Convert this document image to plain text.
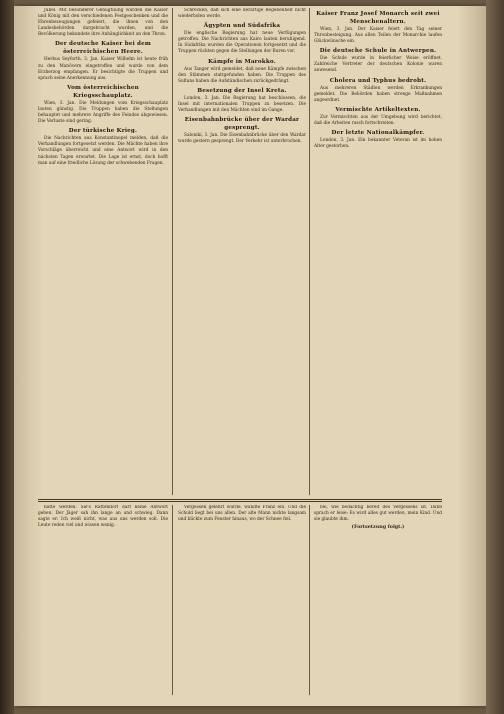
Jubel. Mit besonderer Genugtuung wurden die Kaiser und König mit den verschiedenen Festgeschenken und die Ehrenbezeugungen gefeiert, die ihnen von den Landesbehörden dargebracht wurden, und die Bevölkerung bekundete ihre Anhänglichkeit an den Thron.

Der deutsche Kaiser bei dem österreichischen Heere.

Herkus Seyforth, 3. Jan. Kaiser Wilhelm ist heute früh zu den Manövern eingetroffen und wurde von dem Erzherzog empfangen. Er besichtigte die Truppen und sprach seine Anerkennung aus.

Vom österreichischen Kriegsschauplatz.

Wien, 3. Jan. Die Meldungen vom Kriegsschauplatz lauten günstig. Die Truppen haben die Stellungen behauptet und mehrere Angriffe des Feindes abgewiesen. Die Verluste sind gering.

Der türkische Krieg.

Die Nachrichten aus Konstantinopel melden, daß die Verhandlungen fortgesetzt werden. Die Mächte haben ihre Vorschläge überreicht und eine Antwort wird in den nächsten Tagen erwartet. Die Lage ist ernst, doch hofft man auf eine friedliche Lösung der schwebenden Fragen.

Schrecken, daß sich eine derartige Begebenheit nicht wiederholen werde.

Ägypten und Südafrika

Die englische Regierung hat neue Verfügungen getroffen. Die Nachrichten aus Kairo lauten beruhigend. In Südafrika wurden die Operationen fortgesetzt und die Truppen rückten gegen die Stellungen der Buren vor.

Kämpfe in Marokko.

Aus Tanger wird gemeldet, daß neue Kämpfe zwischen den Stämmen stattgefunden haben. Die Truppen des Sultans haben die Aufständischen zurückgedrängt.

Besetzung der Insel Kreta.

London, 3. Jan. Die Regierung hat beschlossen, die Insel mit internationalen Truppen zu besetzen. Die Verhandlungen mit den Mächten sind im Gange.

Eisenbahnbrücke über der Wardar gesprengt.

Saloniki, 3. Jan. Die Eisenbahnbrücke über den Wardar wurde gestern gesprengt. Der Verkehr ist unterbrochen.

Kaiser Franz Josef Monarch seit zwei Menschenaltern.

Wien, 3. Jan. Der Kaiser feiert den Tag seiner Thronbesteigung. Aus allen Teilen der Monarchie laufen Glückwünsche ein.

Die deutsche Schule in Antwerpen.

Die Schule wurde in feierlicher Weise eröffnet. Zahlreiche Vertreter der deutschen Kolonie waren anwesend.

Cholera und Typhus bedroht.

Aus mehreren Städten werden Erkrankungen gemeldet. Die Behörden haben strenge Maßnahmen angeordnet.

Vermischte Artikeltexten.

Zur Vermischten aus der Umgebung wird berichtet, daß die Arbeiten rasch fortschreiten.

Der letzte Nationalkämpfer.

London, 3. Jan. Ein bekannter Veteran ist im hohen Alter gestorben.

hätte werden. Sie's Rattendorf darf keine Antwort geben. Der Jäger sah ihn lange an und schwieg. Dann sagte er: Ich weiß nicht, was aus uns werden soll. Die Leute reden viel und wissen wenig.

Vergessen gelehrt wurde, wandte Franz ein. Und die Schuld liegt bei uns allen. Der alte Mann nickte langsam und blickte zum Fenster hinaus, wo der Schnee fiel.

bei, wie bedächtig bereit des Vergessens ist. Dann sprach er leise: Es wird alles gut werden, mein Kind. Und sie glaubte ihm.

(Fortsetzung folgt.)
